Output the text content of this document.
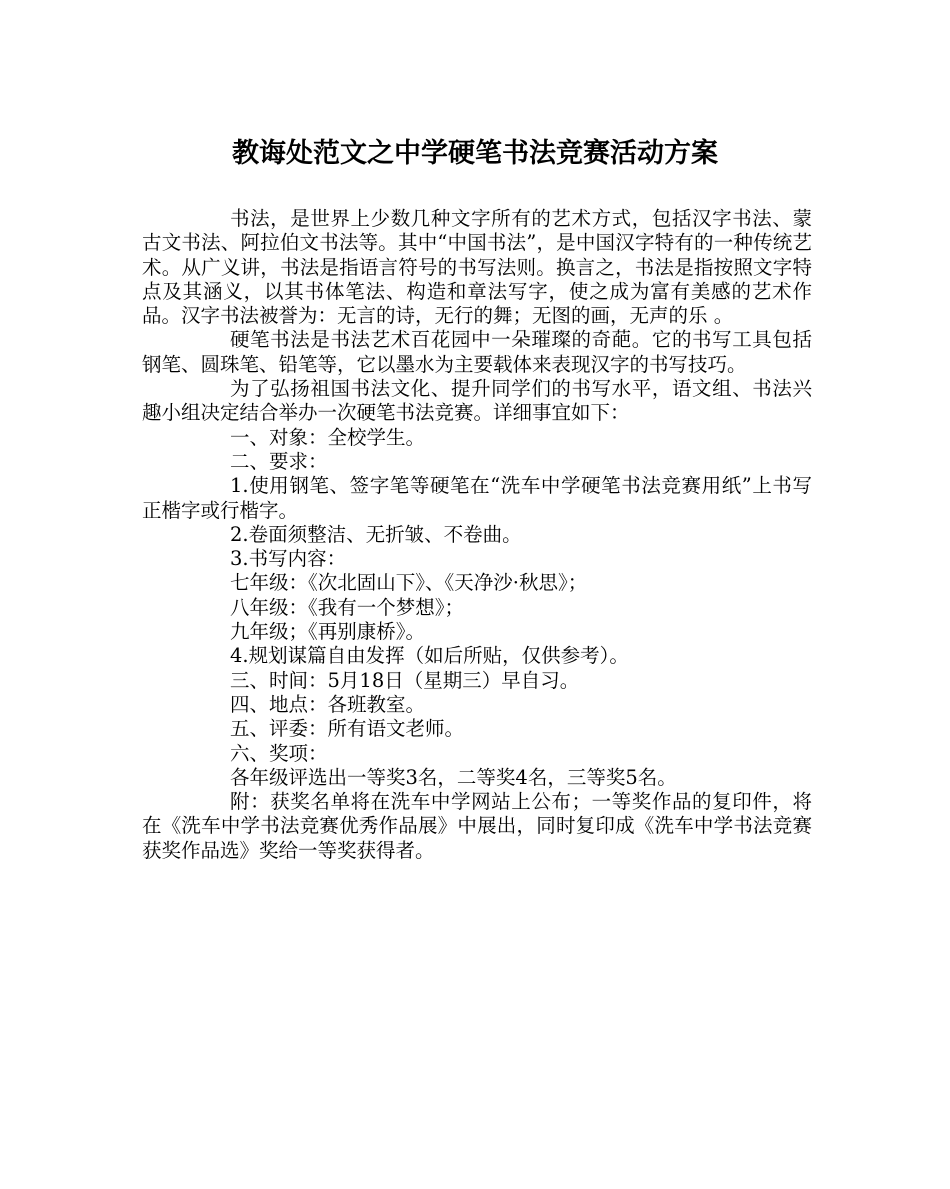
教诲处范文之中学硬笔书法竞赛活动方案

书法，是世界上少数几种文字所有的艺术方式，包括汉字书法、蒙古文书法、阿拉伯文书法等。其中“中国书法”，是中国汉字特有的一种传统艺术。从广义讲，书法是指语言符号的书写法则。换言之，书法是指按照文字特点及其涵义，以其书体笔法、构造和章法写字，使之成为富有美感的艺术作品。汉字书法被誉为：无言的诗，无行的舞；无图的画，无声的乐 。

硬笔书法是书法艺术百花园中一朵璀璨的奇葩。它的书写工具包括钢笔、圆珠笔、铅笔等，它以墨水为主要载体来表现汉字的书写技巧。

为了弘扬祖国书法文化、提升同学们的书写水平，语文组、书法兴趣小组决定结合举办一次硬笔书法竞赛。详细事宜如下：

一、对象：全校学生。

二、要求：

1.使用钢笔、签字笔等硬笔在“洗车中学硬笔书法竞赛用纸”上书写正楷字或行楷字。

2.卷面须整洁、无折皱、不卷曲。

3.书写内容：

七年级：《次北固山下》、《天净沙·秋思》；

八年级：《我有一个梦想》；

九年级；《再别康桥》。

4.规划谋篇自由发挥（如后所贴，仅供参考）。

三、时间：5月18日（星期三）早自习。

四、地点：各班教室。

五、评委：所有语文老师。

六、奖项：

各年级评选出一等奖3名，二等奖4名，三等奖5名。

附：获奖名单将在洗车中学网站上公布；一等奖作品的复印件，将在《洗车中学书法竞赛优秀作品展》中展出，同时复印成《洗车中学书法竞赛获奖作品选》奖给一等奖获得者。
